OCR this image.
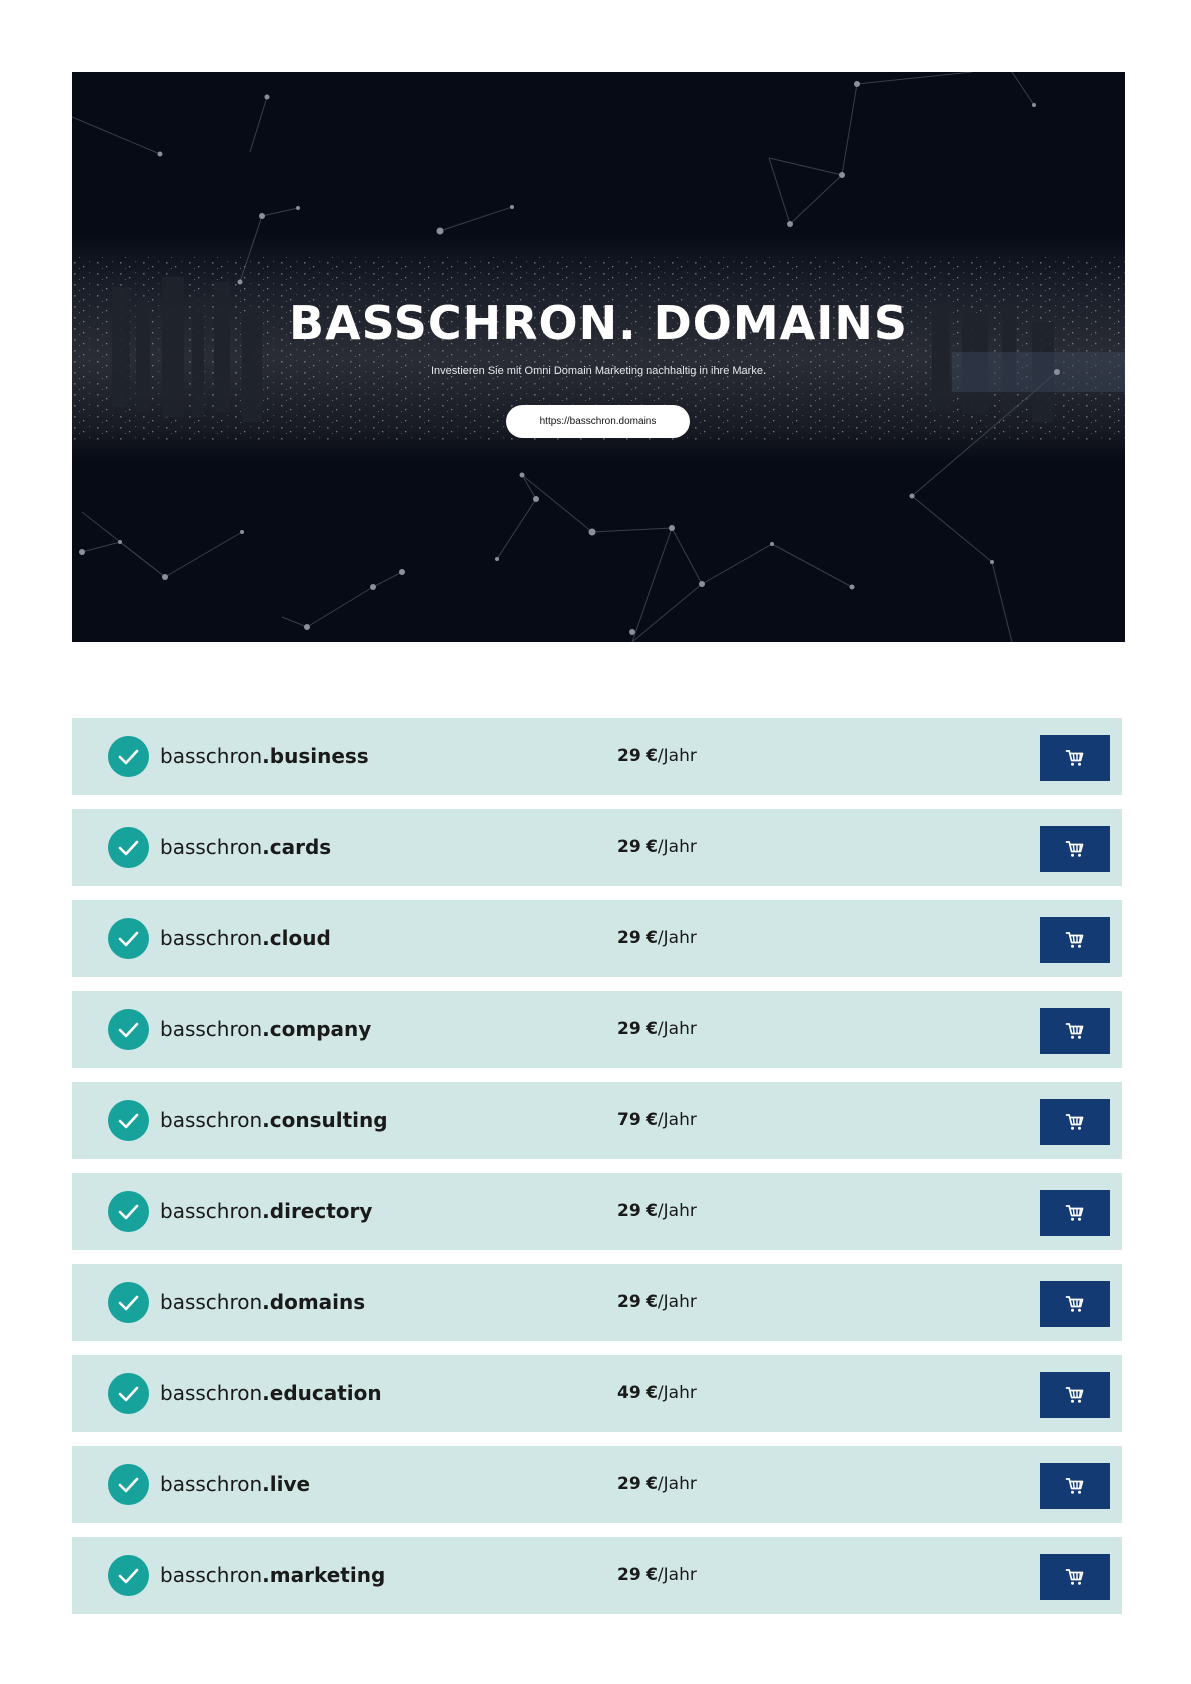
BASSCHRON. DOMAINS
Investieren Sie mit Omni Domain Marketing nachhaltig in ihre Marke.
https://basschron.domains
basschron.business	29 €/Jahr
basschron.cards	29 €/Jahr
basschron.cloud	29 €/Jahr
basschron.company	29 €/Jahr
basschron.consulting	79 €/Jahr
basschron.directory	29 €/Jahr
basschron.domains	29 €/Jahr
basschron.education	49 €/Jahr
basschron.live	29 €/Jahr
basschron.marketing	29 €/Jahr
